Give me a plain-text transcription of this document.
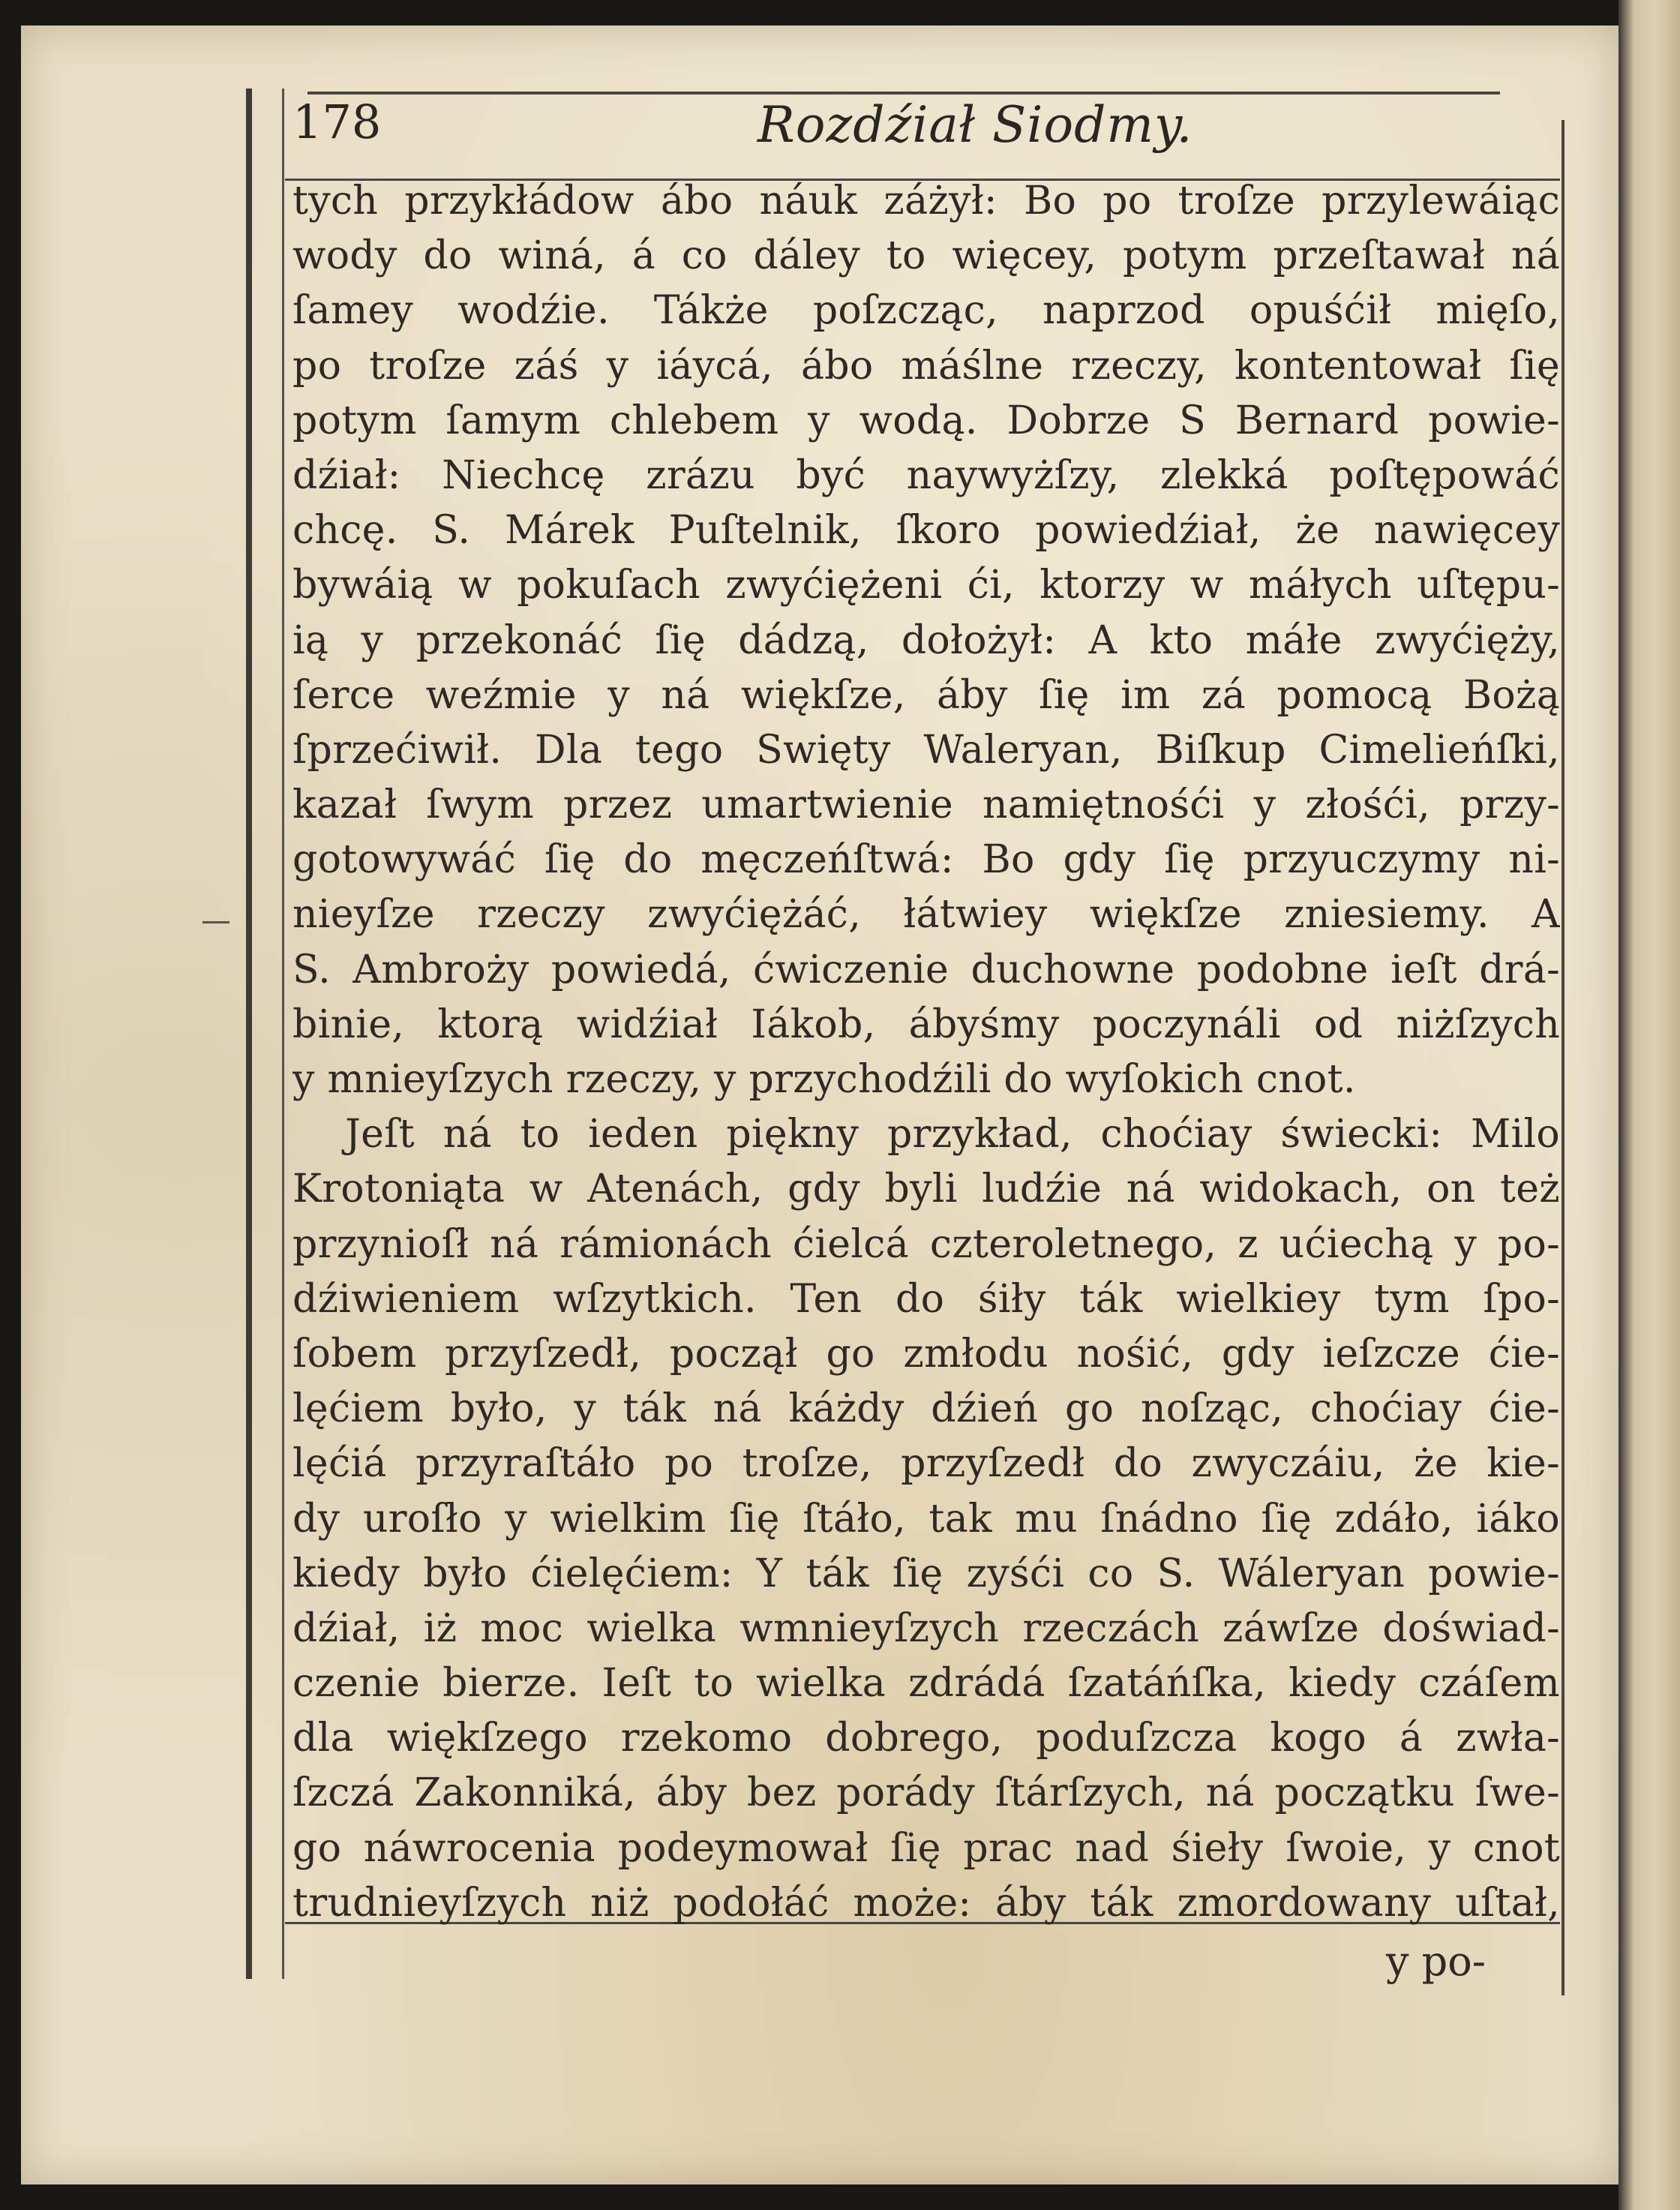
178	Rozdźiał Siodmy.
tych przykłádow ábo náuk záżył: Bo po troſze przylewáiąc
wody do winá, á co dáley to więcey, potym przeſtawał ná
ſamey wodźie. Tákże poſzcząc, naprzod opuśćił mięſo,
po troſze záś y iáycá, ábo máślne rzeczy, kontentował ſię
potym ſamym chlebem y wodą. Dobrze S Bernard powie-
dźiał: Niechcę zrázu być naywyżſzy, zlekká poſtępowáć
chcę. S. Márek Puſtelnik, ſkoro powiedźiał, że nawięcey
bywáią w pokuſach zwyćiężeni ći, ktorzy w máłych uſtępu-
ią y przekonáć ſię dádzą, dołożył: A kto máłe zwyćięży,
ſerce weźmie y ná więkſze, áby ſię im zá pomocą Bożą
ſprzećiwił. Dla tego Swięty Waleryan, Biſkup Cimelieńſki,
kazał ſwym przez umartwienie namiętnośći y złośći, przy-
gotowywáć ſię do męczeńſtwá: Bo gdy ſię przyuczymy ni-
nieyſze rzeczy zwyćiężáć, łátwiey więkſze zniesiemy. A
S. Ambroży powiedá, ćwiczenie duchowne podobne ieſt drá-
binie, ktorą widźiał Iákob, ábyśmy poczynáli od niżſzych
y mnieyſzych rzeczy, y przychodźili do wyſokich cnot.
Jeſt ná to ieden piękny przykład, choćiay świecki: Milo
Krotoniąta w Atenách, gdy byli ludźie ná widokach, on też
przynioſł ná rámionách ćielcá czteroletnego, z ućiechą y po-
dźiwieniem wſzytkich. Ten do śiły ták wielkiey tym ſpo-
ſobem przyſzedł, począł go zmłodu nośić, gdy ieſzcze ćie-
lęćiem było, y ták ná káżdy dźień go noſząc, choćiay ćie-
lęćiá przyraſtáło po troſze, przyſzedł do zwyczáiu, że kie-
dy uroſło y wielkim ſię ſtáło, tak mu ſnádno ſię zdáło, iáko
kiedy było ćielęćiem: Y ták ſię zyśći co S. Wáleryan powie-
dźiał, iż moc wielka wmnieyſzych rzeczách záwſze doświad-
czenie bierze. Ieſt to wielka zdrádá ſzatáńſka, kiedy czáſem
dla więkſzego rzekomo dobrego, poduſzcza kogo á zwła-
ſzczá Zakonniká, áby bez porády ſtárſzych, ná początku ſwe-
go náwrocenia podeymował ſię prac nad śiełу ſwoie, y cnot
trudnieyſzych niż podołáć może: áby ták zmordowany uſtał,
y po-
